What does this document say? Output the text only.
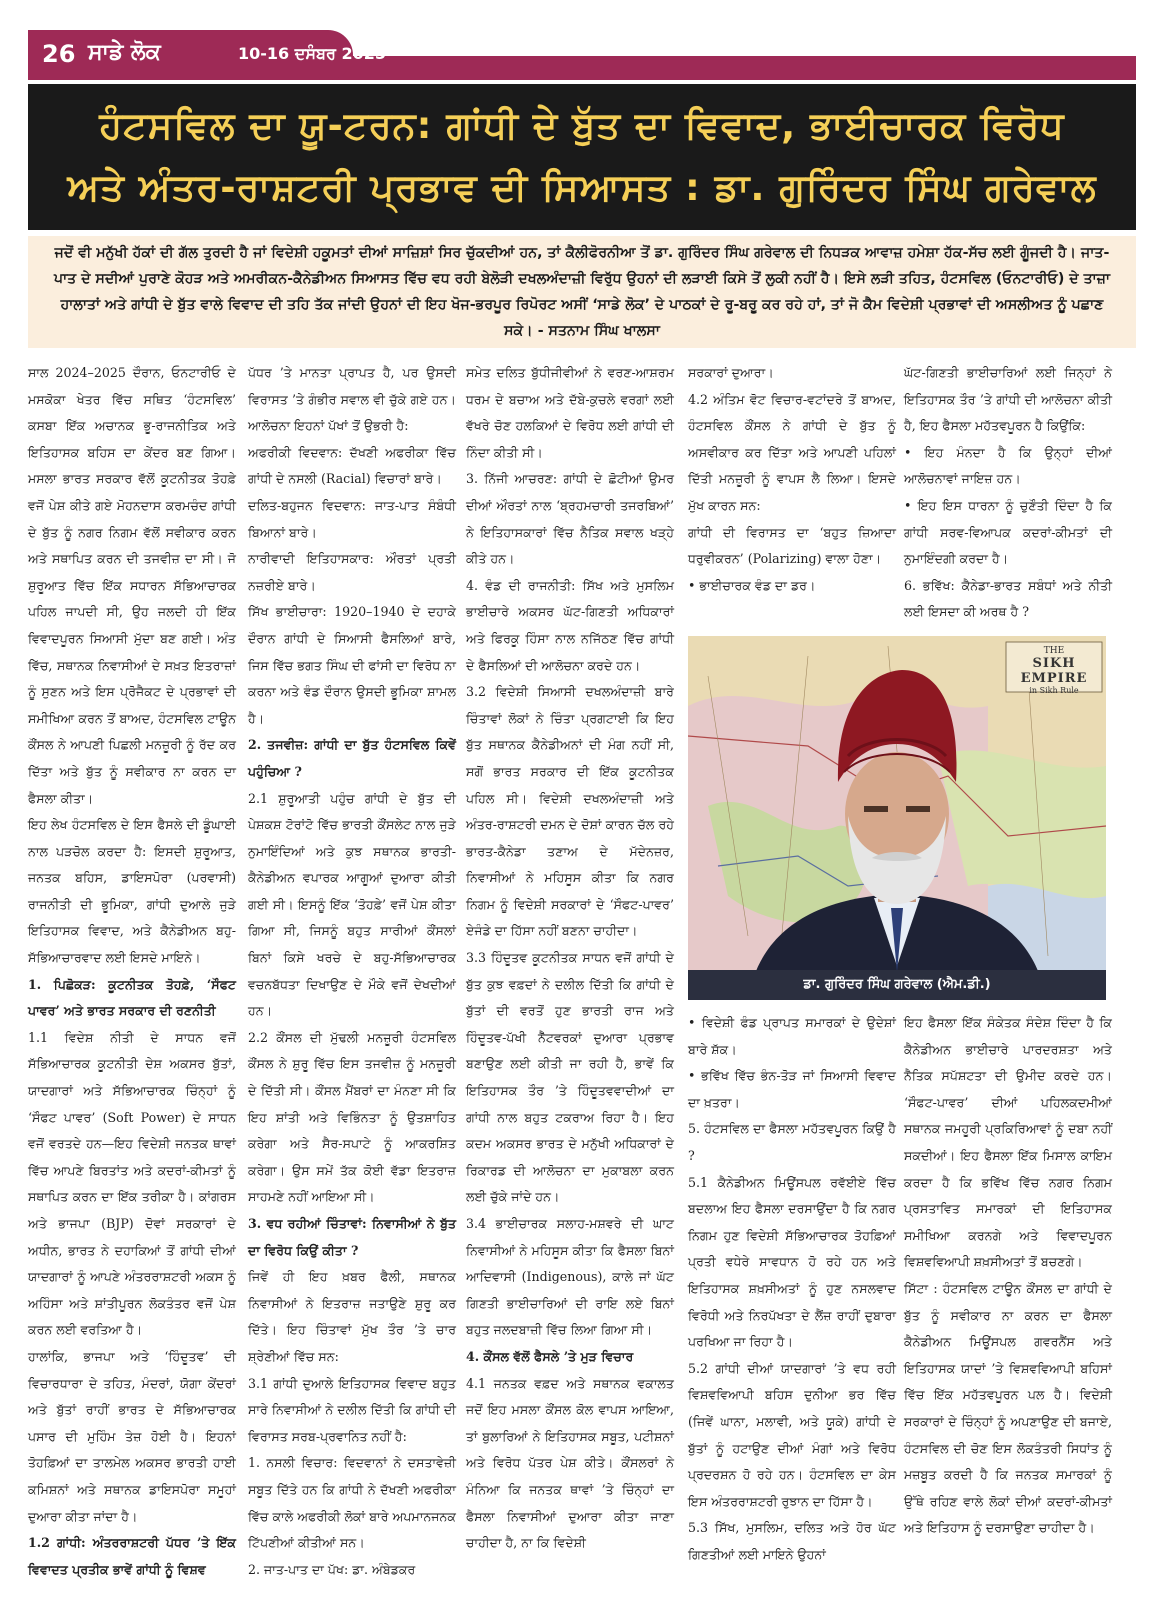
26 ਸਾਡੇ ਲੋਕ	10-16 ਦਸੰਬਰ 2025
ਹੰਟਸਵਿਲ ਦਾ ਯੂ-ਟਰਨ: ਗਾਂਧੀ ਦੇ ਬੁੱਤ ਦਾ ਵਿਵਾਦ, ਭਾਈਚਾਰਕ ਵਿਰੋਧ
ਅਤੇ ਅੰਤਰ-ਰਾਸ਼ਟਰੀ ਪ੍ਰਭਾਵ ਦੀ ਸਿਆਸਤ : ਡਾ. ਗੁਰਿੰਦਰ ਸਿੰਘ ਗਰੇਵਾਲ
ਜਦੋਂ ਵੀ ਮਨੁੱਖੀ ਹੱਕਾਂ ਦੀ ਗੱਲ ਤੁਰਦੀ ਹੈ ਜਾਂ ਵਿਦੇਸ਼ੀ ਹਕੂਮਤਾਂ ਦੀਆਂ ਸਾਜ਼ਿਸ਼ਾਂ ਸਿਰ ਚੁੱਕਦੀਆਂ ਹਨ, ਤਾਂ ਕੈਲੀਫੋਰਨੀਆ ਤੋਂ ਡਾ. ਗੁਰਿੰਦਰ ਸਿੰਘ ਗਰੇਵਾਲ ਦੀ ਨਿਧੜਕ ਆਵਾਜ਼ ਹਮੇਸ਼ਾ ਹੱਕ-ਸੱਚ ਲਈ ਗੂੰਜਦੀ ਹੈ। ਜਾਤ-ਪਾਤ ਦੇ ਸਦੀਆਂ ਪੁਰਾਣੇ ਕੋਹੜ ਅਤੇ ਅਮਰੀਕਨ-ਕੈਨੇਡੀਅਨ ਸਿਆਸਤ ਵਿੱਚ ਵਧ ਰਹੀ ਬੇਲੋੜੀ ਦਖਲਅੰਦਾਜ਼ੀ ਵਿਰੁੱਧ ਉਹਨਾਂ ਦੀ ਲੜਾਈ ਕਿਸੇ ਤੋਂ ਲੁਕੀ ਨਹੀਂ ਹੈ। ਇਸੇ ਲੜੀ ਤਹਿਤ, ਹੰਟਸਵਿਲ (ਓਨਟਾਰੀਓ) ਦੇ ਤਾਜ਼ਾ ਹਾਲਾਤਾਂ ਅਤੇ ਗਾਂਧੀ ਦੇ ਬੁੱਤ ਵਾਲੇ ਵਿਵਾਦ ਦੀ ਤਹਿ ਤੱਕ ਜਾਂਦੀ ਉਹਨਾਂ ਦੀ ਇਹ ਖੋਜ-ਭਰਪੂਰ ਰਿਪੋਰਟ ਅਸੀਂ ‘ਸਾਡੇ ਲੋਕ’ ਦੇ ਪਾਠਕਾਂ ਦੇ ਰੂ-ਬਰੂ ਕਰ ਰਹੇ ਹਾਂ, ਤਾਂ ਜੋ ਕੈਮ ਵਿਦੇਸ਼ੀ ਪ੍ਰਭਾਵਾਂ ਦੀ ਅਸਲੀਅਤ ਨੂੰ ਪਛਾਣ ਸਕੇ। - ਸਤਨਾਮ ਸਿੰਘ ਖਾਲਸਾ

ਸਾਲ 2024–2025 ਦੌਰਾਨ, ਓਨਟਾਰੀਓ ਦੇ ਮਸਕੋਕਾ ਖੇਤਰ ਵਿੱਚ ਸਥਿਤ ‘ਹੰਟਸਵਿਲ’ ਕਸਬਾ ਇੱਕ ਅਚਾਨਕ ਭੂ-ਰਾਜਨੀਤਿਕ ਅਤੇ ਇਤਿਹਾਸਕ ਬਹਿਸ ਦਾ ਕੇਂਦਰ ਬਣ ਗਿਆ। ਮਸਲਾ ਭਾਰਤ ਸਰਕਾਰ ਵੱਲੋਂ ਕੂਟਨੀਤਕ ਤੋਹਫ਼ੇ ਵਜੋਂ ਪੇਸ਼ ਕੀਤੇ ਗਏ ਮੋਹਨਦਾਸ ਕਰਮਚੰਦ ਗਾਂਧੀ ਦੇ ਬੁੱਤ ਨੂੰ ਨਗਰ ਨਿਗਮ ਵੱਲੋਂ ਸਵੀਕਾਰ ਕਰਨ ਅਤੇ ਸਥਾਪਿਤ ਕਰਨ ਦੀ ਤਜਵੀਜ਼ ਦਾ ਸੀ। ਜੋ ਸ਼ੁਰੂਆਤ ਵਿੱਚ ਇੱਕ ਸਧਾਰਨ ਸੱਭਿਆਚਾਰਕ ਪਹਿਲ ਜਾਪਦੀ ਸੀ, ਉਹ ਜਲਦੀ ਹੀ ਇੱਕ ਵਿਵਾਦਪੂਰਨ ਸਿਆਸੀ ਮੁੱਦਾ ਬਣ ਗਈ। ਅੰਤ ਵਿੱਚ, ਸਥਾਨਕ ਨਿਵਾਸੀਆਂ ਦੇ ਸਖ਼ਤ ਇਤਰਾਜ਼ਾਂ ਨੂੰ ਸੁਣਨ ਅਤੇ ਇਸ ਪ੍ਰੋਜੈਕਟ ਦੇ ਪ੍ਰਭਾਵਾਂ ਦੀ ਸਮੀਖਿਆ ਕਰਨ ਤੋਂ ਬਾਅਦ, ਹੰਟਸਵਿਲ ਟਾਊਨ ਕੌਂਸਲ ਨੇ ਆਪਣੀ ਪਿਛਲੀ ਮਨਜ਼ੂਰੀ ਨੂੰ ਰੱਦ ਕਰ ਦਿੱਤਾ ਅਤੇ ਬੁੱਤ ਨੂੰ ਸਵੀਕਾਰ ਨਾ ਕਰਨ ਦਾ ਫੈਸਲਾ ਕੀਤਾ।

ਇਹ ਲੇਖ ਹੰਟਸਵਿਲ ਦੇ ਇਸ ਫੈਸਲੇ ਦੀ ਡੂੰਘਾਈ ਨਾਲ ਪੜਚੋਲ ਕਰਦਾ ਹੈ: ਇਸਦੀ ਸ਼ੁਰੂਆਤ, ਜਨਤਕ ਬਹਿਸ, ਡਾਇਸਪੋਰਾ (ਪਰਵਾਸੀ) ਰਾਜਨੀਤੀ ਦੀ ਭੂਮਿਕਾ, ਗਾਂਧੀ ਦੁਆਲੇ ਜੁੜੇ ਇਤਿਹਾਸਕ ਵਿਵਾਦ, ਅਤੇ ਕੈਨੇਡੀਅਨ ਬਹੁ-ਸੱਭਿਆਚਾਰਵਾਦ ਲਈ ਇਸਦੇ ਮਾਇਨੇ।

1. ਪਿਛੋਕੜ: ਕੂਟਨੀਤਕ ਤੋਹਫ਼ੇ, ‘ਸੌਫਟ ਪਾਵਰ’ ਅਤੇ ਭਾਰਤ ਸਰਕਾਰ ਦੀ ਰਣਨੀਤੀ

1.1 ਵਿਦੇਸ਼ ਨੀਤੀ ਦੇ ਸਾਧਨ ਵਜੋਂ ਸੱਭਿਆਚਾਰਕ ਕੂਟਨੀਤੀ ਦੇਸ਼ ਅਕਸਰ ਬੁੱਤਾਂ, ਯਾਦਗਾਰਾਂ ਅਤੇ ਸੱਭਿਆਚਾਰਕ ਚਿੰਨ੍ਹਾਂ ਨੂੰ ‘ਸੌਫਟ ਪਾਵਰ’ (Soft Power) ਦੇ ਸਾਧਨ ਵਜੋਂ ਵਰਤਦੇ ਹਨ—ਇਹ ਵਿਦੇਸ਼ੀ ਜਨਤਕ ਥਾਵਾਂ ਵਿੱਚ ਆਪਣੇ ਬਿਰਤਾਂਤ ਅਤੇ ਕਦਰਾਂ-ਕੀਮਤਾਂ ਨੂੰ ਸਥਾਪਿਤ ਕਰਨ ਦਾ ਇੱਕ ਤਰੀਕਾ ਹੈ। ਕਾਂਗਰਸ ਅਤੇ ਭਾਜਪਾ (BJP) ਦੋਵਾਂ ਸਰਕਾਰਾਂ ਦੇ ਅਧੀਨ, ਭਾਰਤ ਨੇ ਦਹਾਕਿਆਂ ਤੋਂ ਗਾਂਧੀ ਦੀਆਂ ਯਾਦਗਾਰਾਂ ਨੂੰ ਆਪਣੇ ਅੰਤਰਰਾਸ਼ਟਰੀ ਅਕਸ ਨੂੰ ਅਹਿੰਸਾ ਅਤੇ ਸ਼ਾਂਤੀਪੂਰਨ ਲੋਕਤੰਤਰ ਵਜੋਂ ਪੇਸ਼ ਕਰਨ ਲਈ ਵਰਤਿਆ ਹੈ।

ਹਾਲਾਂਕਿ, ਭਾਜਪਾ ਅਤੇ ‘ਹਿੰਦੂਤਵ’ ਦੀ ਵਿਚਾਰਧਾਰਾ ਦੇ ਤਹਿਤ, ਮੰਦਰਾਂ, ਯੋਗਾ ਕੇਂਦਰਾਂ ਅਤੇ ਬੁੱਤਾਂ ਰਾਹੀਂ ਭਾਰਤ ਦੇ ਸੱਭਿਆਚਾਰਕ ਪਸਾਰ ਦੀ ਮੁਹਿੰਮ ਤੇਜ਼ ਹੋਈ ਹੈ। ਇਹਨਾਂ ਤੋਹਫ਼ਿਆਂ ਦਾ ਤਾਲਮੇਲ ਅਕਸਰ ਭਾਰਤੀ ਹਾਈ ਕਮਿਸ਼ਨਾਂ ਅਤੇ ਸਥਾਨਕ ਡਾਇਸਪੋਰਾ ਸਮੂਹਾਂ ਦੁਆਰਾ ਕੀਤਾ ਜਾਂਦਾ ਹੈ।

1.2 ਗਾਂਧੀ: ਅੰਤਰਰਾਸ਼ਟਰੀ ਪੱਧਰ ’ਤੇ ਇੱਕ ਵਿਵਾਦਤ ਪ੍ਰਤੀਕ ਭਾਵੇਂ ਗਾਂਧੀ ਨੂੰ ਵਿਸ਼ਵ

ਪੱਧਰ ’ਤੇ ਮਾਨਤਾ ਪ੍ਰਾਪਤ ਹੈ, ਪਰ ਉਸਦੀ ਵਿਰਾਸਤ ’ਤੇ ਗੰਭੀਰ ਸਵਾਲ ਵੀ ਚੁੱਕੇ ਗਏ ਹਨ। ਆਲੋਚਨਾ ਇਹਨਾਂ ਪੱਖਾਂ ਤੋਂ ਉਭਰੀ ਹੈ:

ਅਫਰੀਕੀ ਵਿਦਵਾਨ: ਦੱਖਣੀ ਅਫਰੀਕਾ ਵਿੱਚ ਗਾਂਧੀ ਦੇ ਨਸਲੀ (Racial) ਵਿਚਾਰਾਂ ਬਾਰੇ।

ਦਲਿਤ-ਬਹੁਜਨ ਵਿਦਵਾਨ: ਜਾਤ-ਪਾਤ ਸੰਬੰਧੀ ਬਿਆਨਾਂ ਬਾਰੇ।

ਨਾਰੀਵਾਦੀ ਇਤਿਹਾਸਕਾਰ: ਔਰਤਾਂ ਪ੍ਰਤੀ ਨਜ਼ਰੀਏ ਬਾਰੇ।

ਸਿੱਖ ਭਾਈਚਾਰਾ: 1920–1940 ਦੇ ਦਹਾਕੇ ਦੌਰਾਨ ਗਾਂਧੀ ਦੇ ਸਿਆਸੀ ਫੈਸਲਿਆਂ ਬਾਰੇ, ਜਿਸ ਵਿੱਚ ਭਗਤ ਸਿੰਘ ਦੀ ਫਾਂਸੀ ਦਾ ਵਿਰੋਧ ਨਾ ਕਰਨਾ ਅਤੇ ਵੰਡ ਦੌਰਾਨ ਉਸਦੀ ਭੂਮਿਕਾ ਸ਼ਾਮਲ ਹੈ।

2. ਤਜਵੀਜ਼: ਗਾਂਧੀ ਦਾ ਬੁੱਤ ਹੰਟਸਵਿਲ ਕਿਵੇਂ ਪਹੁੰਚਿਆ ?

2.1 ਸ਼ੁਰੂਆਤੀ ਪਹੁੰਚ ਗਾਂਧੀ ਦੇ ਬੁੱਤ ਦੀ ਪੇਸ਼ਕਸ਼ ਟੋਰਾਂਟੋ ਵਿੱਚ ਭਾਰਤੀ ਕੌਂਸਲੇਟ ਨਾਲ ਜੁੜੇ ਨੁਮਾਇੰਦਿਆਂ ਅਤੇ ਕੁਝ ਸਥਾਨਕ ਭਾਰਤੀ-ਕੈਨੇਡੀਅਨ ਵਪਾਰਕ ਆਗੂਆਂ ਦੁਆਰਾ ਕੀਤੀ ਗਈ ਸੀ। ਇਸਨੂੰ ਇੱਕ ‘ਤੋਹਫ਼ੇ’ ਵਜੋਂ ਪੇਸ਼ ਕੀਤਾ ਗਿਆ ਸੀ, ਜਿਸਨੂੰ ਬਹੁਤ ਸਾਰੀਆਂ ਕੌਂਸਲਾਂ ਬਿਨਾਂ ਕਿਸੇ ਖਰਚੇ ਦੇ ਬਹੁ-ਸੱਭਿਆਚਾਰਕ ਵਚਨਬੱਧਤਾ ਦਿਖਾਉਣ ਦੇ ਮੌਕੇ ਵਜੋਂ ਦੇਖਦੀਆਂ ਹਨ।

2.2 ਕੌਂਸਲ ਦੀ ਮੁੱਢਲੀ ਮਨਜ਼ੂਰੀ ਹੰਟਸਵਿਲ ਕੌਂਸਲ ਨੇ ਸ਼ੁਰੂ ਵਿੱਚ ਇਸ ਤਜਵੀਜ਼ ਨੂੰ ਮਨਜ਼ੂਰੀ ਦੇ ਦਿੱਤੀ ਸੀ। ਕੌਂਸਲ ਮੈਂਬਰਾਂ ਦਾ ਮੰਨਣਾ ਸੀ ਕਿ ਇਹ ਸ਼ਾਂਤੀ ਅਤੇ ਵਿਭਿੰਨਤਾ ਨੂੰ ਉਤਸ਼ਾਹਿਤ ਕਰੇਗਾ ਅਤੇ ਸੈਰ-ਸਪਾਟੇ ਨੂੰ ਆਕਰਸ਼ਿਤ ਕਰੇਗਾ। ਉਸ ਸਮੇਂ ਤੱਕ ਕੋਈ ਵੱਡਾ ਇਤਰਾਜ਼ ਸਾਹਮਣੇ ਨਹੀਂ ਆਇਆ ਸੀ।

3. ਵਧ ਰਹੀਆਂ ਚਿੰਤਾਵਾਂ: ਨਿਵਾਸੀਆਂ ਨੇ ਬੁੱਤ ਦਾ ਵਿਰੋਧ ਕਿਉਂ ਕੀਤਾ ?

ਜਿਵੇਂ ਹੀ ਇਹ ਖ਼ਬਰ ਫੈਲੀ, ਸਥਾਨਕ ਨਿਵਾਸੀਆਂ ਨੇ ਇਤਰਾਜ਼ ਜਤਾਉਣੇ ਸ਼ੁਰੂ ਕਰ ਦਿੱਤੇ। ਇਹ ਚਿੰਤਾਵਾਂ ਮੁੱਖ ਤੌਰ ’ਤੇ ਚਾਰ ਸ਼੍ਰੇਣੀਆਂ ਵਿੱਚ ਸਨ:

3.1 ਗਾਂਧੀ ਦੁਆਲੇ ਇਤਿਹਾਸਕ ਵਿਵਾਦ ਬਹੁਤ ਸਾਰੇ ਨਿਵਾਸੀਆਂ ਨੇ ਦਲੀਲ ਦਿੱਤੀ ਕਿ ਗਾਂਧੀ ਦੀ ਵਿਰਾਸਤ ਸਰਬ-ਪ੍ਰਵਾਨਿਤ ਨਹੀਂ ਹੈ:

1. ਨਸਲੀ ਵਿਚਾਰ: ਵਿਦਵਾਨਾਂ ਨੇ ਦਸਤਾਵੇਜ਼ੀ ਸਬੂਤ ਦਿੱਤੇ ਹਨ ਕਿ ਗਾਂਧੀ ਨੇ ਦੱਖਣੀ ਅਫਰੀਕਾ ਵਿੱਚ ਕਾਲੇ ਅਫਰੀਕੀ ਲੋਕਾਂ ਬਾਰੇ ਅਪਮਾਨਜਨਕ ਟਿੱਪਣੀਆਂ ਕੀਤੀਆਂ ਸਨ।

2. ਜਾਤ-ਪਾਤ ਦਾ ਪੱਖ: ਡਾ. ਅੰਬੇਡਕਰ

ਸਮੇਤ ਦਲਿਤ ਬੁੱਧੀਜੀਵੀਆਂ ਨੇ ਵਰਣ-ਆਸ਼ਰਮ ਧਰਮ ਦੇ ਬਚਾਅ ਅਤੇ ਦੱਬੇ-ਕੁਚਲੇ ਵਰਗਾਂ ਲਈ ਵੱਖਰੇ ਚੋਣ ਹਲਕਿਆਂ ਦੇ ਵਿਰੋਧ ਲਈ ਗਾਂਧੀ ਦੀ ਨਿੰਦਾ ਕੀਤੀ ਸੀ।

3. ਨਿੱਜੀ ਆਚਰਣ: ਗਾਂਧੀ ਦੇ ਛੋਟੀਆਂ ਉਮਰ ਦੀਆਂ ਔਰਤਾਂ ਨਾਲ ‘ਬ੍ਰਹਮਚਾਰੀ ਤਜਰਬਿਆਂ’ ਨੇ ਇਤਿਹਾਸਕਾਰਾਂ ਵਿੱਚ ਨੈਤਿਕ ਸਵਾਲ ਖੜ੍ਹੇ ਕੀਤੇ ਹਨ।

4. ਵੰਡ ਦੀ ਰਾਜਨੀਤੀ: ਸਿੱਖ ਅਤੇ ਮੁਸਲਿਮ ਭਾਈਚਾਰੇ ਅਕਸਰ ਘੱਟ-ਗਿਣਤੀ ਅਧਿਕਾਰਾਂ ਅਤੇ ਫਿਰਕੂ ਹਿੰਸਾ ਨਾਲ ਨਜਿੱਠਣ ਵਿੱਚ ਗਾਂਧੀ ਦੇ ਫੈਸਲਿਆਂ ਦੀ ਆਲੋਚਨਾ ਕਰਦੇ ਹਨ।

3.2 ਵਿਦੇਸ਼ੀ ਸਿਆਸੀ ਦਖਲਅੰਦਾਜ਼ੀ ਬਾਰੇ ਚਿੰਤਾਵਾਂ ਲੋਕਾਂ ਨੇ ਚਿੰਤਾ ਪ੍ਰਗਟਾਈ ਕਿ ਇਹ ਬੁੱਤ ਸਥਾਨਕ ਕੈਨੇਡੀਅਨਾਂ ਦੀ ਮੰਗ ਨਹੀਂ ਸੀ, ਸਗੋਂ ਭਾਰਤ ਸਰਕਾਰ ਦੀ ਇੱਕ ਕੂਟਨੀਤਕ ਪਹਿਲ ਸੀ। ਵਿਦੇਸ਼ੀ ਦਖਲਅੰਦਾਜ਼ੀ ਅਤੇ ਅੰਤਰ-ਰਾਸ਼ਟਰੀ ਦਮਨ ਦੇ ਦੋਸ਼ਾਂ ਕਾਰਨ ਚੱਲ ਰਹੇ ਭਾਰਤ-ਕੈਨੇਡਾ ਤਣਾਅ ਦੇ ਮੱਦੇਨਜ਼ਰ, ਨਿਵਾਸੀਆਂ ਨੇ ਮਹਿਸੂਸ ਕੀਤਾ ਕਿ ਨਗਰ ਨਿਗਮ ਨੂੰ ਵਿਦੇਸ਼ੀ ਸਰਕਾਰਾਂ ਦੇ ‘ਸੌਫਟ-ਪਾਵਰ’ ਏਜੰਡੇ ਦਾ ਹਿੱਸਾ ਨਹੀਂ ਬਣਨਾ ਚਾਹੀਦਾ।

3.3 ਹਿੰਦੂਤਵ ਕੂਟਨੀਤਕ ਸਾਧਨ ਵਜੋਂ ਗਾਂਧੀ ਦੇ ਬੁੱਤ ਕੁਝ ਵਫ਼ਦਾਂ ਨੇ ਦਲੀਲ ਦਿੱਤੀ ਕਿ ਗਾਂਧੀ ਦੇ ਬੁੱਤਾਂ ਦੀ ਵਰਤੋਂ ਹੁਣ ਭਾਰਤੀ ਰਾਜ ਅਤੇ ਹਿੰਦੂਤਵ-ਪੱਖੀ ਨੈੱਟਵਰਕਾਂ ਦੁਆਰਾ ਪ੍ਰਭਾਵ ਬਣਾਉਣ ਲਈ ਕੀਤੀ ਜਾ ਰਹੀ ਹੈ, ਭਾਵੇਂ ਕਿ ਇਤਿਹਾਸਕ ਤੌਰ ’ਤੇ ਹਿੰਦੂਤਵਵਾਦੀਆਂ ਦਾ ਗਾਂਧੀ ਨਾਲ ਬਹੁਤ ਟਕਰਾਅ ਰਿਹਾ ਹੈ। ਇਹ ਕਦਮ ਅਕਸਰ ਭਾਰਤ ਦੇ ਮਨੁੱਖੀ ਅਧਿਕਾਰਾਂ ਦੇ ਰਿਕਾਰਡ ਦੀ ਆਲੋਚਨਾ ਦਾ ਮੁਕਾਬਲਾ ਕਰਨ ਲਈ ਚੁੱਕੇ ਜਾਂਦੇ ਹਨ।

3.4 ਭਾਈਚਾਰਕ ਸਲਾਹ-ਮਸ਼ਵਰੇ ਦੀ ਘਾਟ ਨਿਵਾਸੀਆਂ ਨੇ ਮਹਿਸੂਸ ਕੀਤਾ ਕਿ ਫੈਸਲਾ ਬਿਨਾਂ ਆਦਿਵਾਸੀ (Indigenous), ਕਾਲੇ ਜਾਂ ਘੱਟ ਗਿਣਤੀ ਭਾਈਚਾਰਿਆਂ ਦੀ ਰਾਇ ਲਏ ਬਿਨਾਂ ਬਹੁਤ ਜਲਦਬਾਜ਼ੀ ਵਿੱਚ ਲਿਆ ਗਿਆ ਸੀ।

4. ਕੌਂਸਲ ਵੱਲੋਂ ਫੈਸਲੇ ’ਤੇ ਮੁੜ ਵਿਚਾਰ

4.1 ਜਨਤਕ ਵਫ਼ਦ ਅਤੇ ਸਥਾਨਕ ਵਕਾਲਤ ਜਦੋਂ ਇਹ ਮਸਲਾ ਕੌਂਸਲ ਕੋਲ ਵਾਪਸ ਆਇਆ, ਤਾਂ ਬੁਲਾਰਿਆਂ ਨੇ ਇਤਿਹਾਸਕ ਸਬੂਤ, ਪਟੀਸ਼ਨਾਂ ਅਤੇ ਵਿਰੋਧ ਪੱਤਰ ਪੇਸ਼ ਕੀਤੇ। ਕੌਂਸਲਰਾਂ ਨੇ ਮੰਨਿਆ ਕਿ ਜਨਤਕ ਥਾਵਾਂ ’ਤੇ ਚਿੰਨ੍ਹਾਂ ਦਾ ਫੈਸਲਾ ਨਿਵਾਸੀਆਂ ਦੁਆਰਾ ਕੀਤਾ ਜਾਣਾ ਚਾਹੀਦਾ ਹੈ, ਨਾ ਕਿ ਵਿਦੇਸ਼ੀ

ਸਰਕਾਰਾਂ ਦੁਆਰਾ।

4.2 ਅੰਤਿਮ ਵੋਟ ਵਿਚਾਰ-ਵਟਾਂਦਰੇ ਤੋਂ ਬਾਅਦ, ਹੰਟਸਵਿਲ ਕੌਂਸਲ ਨੇ ਗਾਂਧੀ ਦੇ ਬੁੱਤ ਨੂੰ ਅਸਵੀਕਾਰ ਕਰ ਦਿੱਤਾ ਅਤੇ ਆਪਣੀ ਪਹਿਲਾਂ ਦਿੱਤੀ ਮਨਜ਼ੂਰੀ ਨੂੰ ਵਾਪਸ ਲੈ ਲਿਆ। ਇਸਦੇ ਮੁੱਖ ਕਾਰਨ ਸਨ:

ਗਾਂਧੀ ਦੀ ਵਿਰਾਸਤ ਦਾ ‘ਬਹੁਤ ਜ਼ਿਆਦਾ ਧਰੁਵੀਕਰਨ’ (Polarizing) ਵਾਲਾ ਹੋਣਾ।

• ਭਾਈਚਾਰਕ ਵੰਡ ਦਾ ਡਰ।

ਘੱਟ-ਗਿਣਤੀ ਭਾਈਚਾਰਿਆਂ ਲਈ ਜਿਨ੍ਹਾਂ ਨੇ ਇਤਿਹਾਸਕ ਤੌਰ ’ਤੇ ਗਾਂਧੀ ਦੀ ਆਲੋਚਨਾ ਕੀਤੀ ਹੈ, ਇਹ ਫੈਸਲਾ ਮਹੱਤਵਪੂਰਨ ਹੈ ਕਿਉਂਕਿ:

• ਇਹ ਮੰਨਦਾ ਹੈ ਕਿ ਉਨ੍ਹਾਂ ਦੀਆਂ ਆਲੋਚਨਾਵਾਂ ਜਾਇਜ਼ ਹਨ।

• ਇਹ ਇਸ ਧਾਰਨਾ ਨੂੰ ਚੁਣੌਤੀ ਦਿੰਦਾ ਹੈ ਕਿ ਗਾਂਧੀ ਸਰਵ-ਵਿਆਪਕ ਕਦਰਾਂ-ਕੀਮਤਾਂ ਦੀ ਨੁਮਾਇੰਦਗੀ ਕਰਦਾ ਹੈ।

6. ਭਵਿੱਖ: ਕੈਨੇਡਾ-ਭਾਰਤ ਸਬੰਧਾਂ ਅਤੇ ਨੀਤੀ ਲਈ ਇਸਦਾ ਕੀ ਅਰਥ ਹੈ ?

THE
SIKH EMPIRE
in Sikh Rule
ਡਾ. ਗੁਰਿੰਦਰ ਸਿੰਘ ਗਰੇਵਾਲ (ਐਮ.ਡੀ.)

• ਵਿਦੇਸ਼ੀ ਫੰਡ ਪ੍ਰਾਪਤ ਸਮਾਰਕਾਂ ਦੇ ਉਦੇਸ਼ਾਂ ਬਾਰੇ ਸ਼ੱਕ।

• ਭਵਿੱਖ ਵਿੱਚ ਭੰਨ-ਤੋੜ ਜਾਂ ਸਿਆਸੀ ਵਿਵਾਦ ਦਾ ਖ਼ਤਰਾ।

5. ਹੰਟਸਵਿਲ ਦਾ ਫੈਸਲਾ ਮਹੱਤਵਪੂਰਨ ਕਿਉਂ ਹੈ ?

5.1 ਕੈਨੇਡੀਅਨ ਮਿਊਂਸਪਲ ਰਵੱਈਏ ਵਿੱਚ ਬਦਲਾਅ ਇਹ ਫੈਸਲਾ ਦਰਸਾਉਂਦਾ ਹੈ ਕਿ ਨਗਰ ਨਿਗਮ ਹੁਣ ਵਿਦੇਸ਼ੀ ਸੱਭਿਆਚਾਰਕ ਤੋਹਫ਼ਿਆਂ ਪ੍ਰਤੀ ਵਧੇਰੇ ਸਾਵਧਾਨ ਹੋ ਰਹੇ ਹਨ ਅਤੇ ਇਤਿਹਾਸਕ ਸ਼ਖ਼ਸੀਅਤਾਂ ਨੂੰ ਹੁਣ ਨਸਲਵਾਦ ਵਿਰੋਧੀ ਅਤੇ ਨਿਰਪੱਖਤਾ ਦੇ ਲੈਂਜ਼ ਰਾਹੀਂ ਦੁਬਾਰਾ ਪਰਖਿਆ ਜਾ ਰਿਹਾ ਹੈ।

5.2 ਗਾਂਧੀ ਦੀਆਂ ਯਾਦਗਾਰਾਂ ’ਤੇ ਵਧ ਰਹੀ ਵਿਸ਼ਵਵਿਆਪੀ ਬਹਿਸ ਦੁਨੀਆ ਭਰ ਵਿੱਚ (ਜਿਵੇਂ ਘਾਨਾ, ਮਲਾਵੀ, ਅਤੇ ਯੂਕੇ) ਗਾਂਧੀ ਦੇ ਬੁੱਤਾਂ ਨੂੰ ਹਟਾਉਣ ਦੀਆਂ ਮੰਗਾਂ ਅਤੇ ਵਿਰੋਧ ਪ੍ਰਦਰਸ਼ਨ ਹੋ ਰਹੇ ਹਨ। ਹੰਟਸਵਿਲ ਦਾ ਕੇਸ ਇਸ ਅੰਤਰਰਾਸ਼ਟਰੀ ਰੁਝਾਨ ਦਾ ਹਿੱਸਾ ਹੈ।

5.3 ਸਿੱਖ, ਮੁਸਲਿਮ, ਦਲਿਤ ਅਤੇ ਹੋਰ ਘੱਟ ਗਿਣਤੀਆਂ ਲਈ ਮਾਇਨੇ ਉਹਨਾਂ

ਇਹ ਫੈਸਲਾ ਇੱਕ ਸੰਕੇਤਕ ਸੰਦੇਸ਼ ਦਿੰਦਾ ਹੈ ਕਿ ਕੈਨੇਡੀਅਨ ਭਾਈਚਾਰੇ ਪਾਰਦਰਸ਼ਤਾ ਅਤੇ ਨੈਤਿਕ ਸਪੱਸ਼ਟਤਾ ਦੀ ਉਮੀਦ ਕਰਦੇ ਹਨ। ‘ਸੌਫਟ-ਪਾਵਰ’ ਦੀਆਂ ਪਹਿਲਕਦਮੀਆਂ ਸਥਾਨਕ ਜਮਹੂਰੀ ਪ੍ਰਕਿਰਿਆਵਾਂ ਨੂੰ ਦਬਾ ਨਹੀਂ ਸਕਦੀਆਂ। ਇਹ ਫੈਸਲਾ ਇੱਕ ਮਿਸਾਲ ਕਾਇਮ ਕਰਦਾ ਹੈ ਕਿ ਭਵਿੱਖ ਵਿੱਚ ਨਗਰ ਨਿਗਮ ਪ੍ਰਸਤਾਵਿਤ ਸਮਾਰਕਾਂ ਦੀ ਇਤਿਹਾਸਕ ਸਮੀਖਿਆ ਕਰਨਗੇ ਅਤੇ ਵਿਵਾਦਪੂਰਨ ਵਿਸ਼ਵਵਿਆਪੀ ਸ਼ਖ਼ਸੀਅਤਾਂ ਤੋਂ ਬਚਣਗੇ।

ਸਿੱਟਾ : ਹੰਟਸਵਿਲ ਟਾਊਨ ਕੌਂਸਲ ਦਾ ਗਾਂਧੀ ਦੇ ਬੁੱਤ ਨੂੰ ਸਵੀਕਾਰ ਨਾ ਕਰਨ ਦਾ ਫੈਸਲਾ ਕੈਨੇਡੀਅਨ ਮਿਊਂਸਪਲ ਗਵਰਨੈਂਸ ਅਤੇ ਇਤਿਹਾਸਕ ਯਾਦਾਂ ’ਤੇ ਵਿਸ਼ਵਵਿਆਪੀ ਬਹਿਸਾਂ ਵਿੱਚ ਇੱਕ ਮਹੱਤਵਪੂਰਨ ਪਲ ਹੈ। ਵਿਦੇਸ਼ੀ ਸਰਕਾਰਾਂ ਦੇ ਚਿੰਨ੍ਹਾਂ ਨੂੰ ਅਪਣਾਉਣ ਦੀ ਬਜਾਏ, ਹੰਟਸਵਿਲ ਦੀ ਚੋਣ ਇਸ ਲੋਕਤੰਤਰੀ ਸਿਧਾਂਤ ਨੂੰ ਮਜ਼ਬੂਤ ਕਰਦੀ ਹੈ ਕਿ ਜਨਤਕ ਸਮਾਰਕਾਂ ਨੂੰ ਉੱਥੇ ਰਹਿਣ ਵਾਲੇ ਲੋਕਾਂ ਦੀਆਂ ਕਦਰਾਂ-ਕੀਮਤਾਂ ਅਤੇ ਇਤਿਹਾਸ ਨੂੰ ਦਰਸਾਉਣਾ ਚਾਹੀਦਾ ਹੈ।
